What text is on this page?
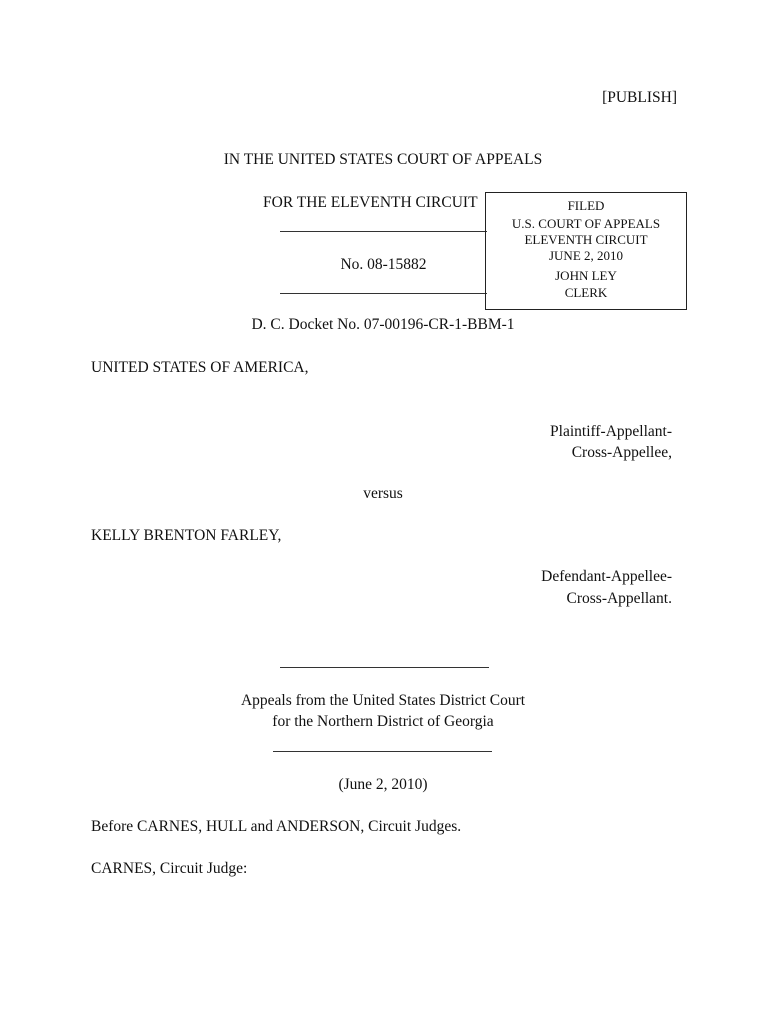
[PUBLISH]
IN THE UNITED STATES COURT OF APPEALS
FOR THE ELEVENTH CIRCUIT
No. 08-15882
FILED
U.S. COURT OF APPEALS
ELEVENTH CIRCUIT
JUNE 2, 2010
JOHN LEY
CLERK
D. C. Docket No. 07-00196-CR-1-BBM-1
UNITED STATES OF AMERICA,
Plaintiff-Appellant-
Cross-Appellee,
versus
KELLY BRENTON FARLEY,
Defendant-Appellee-
Cross-Appellant.
Appeals from the United States District Court
for the Northern District of Georgia
(June 2, 2010)
Before CARNES, HULL and ANDERSON, Circuit Judges.
CARNES, Circuit Judge:
